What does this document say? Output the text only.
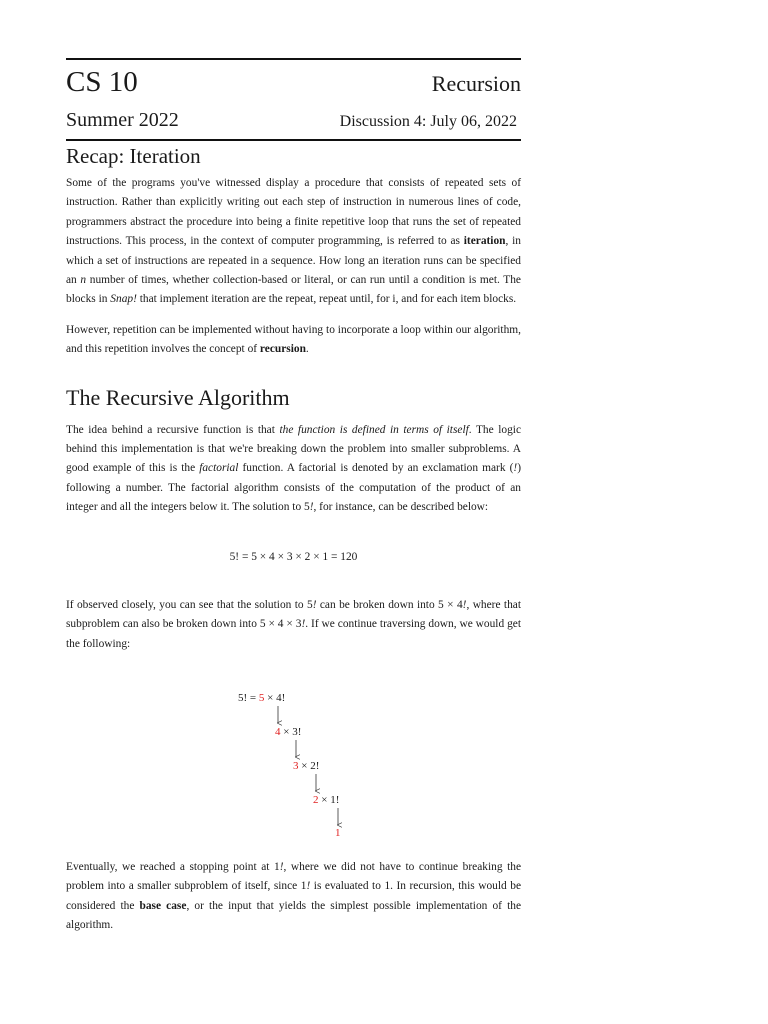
CS 10	Recursion
Summer 2022	Discussion 4: July 06, 2022
Recap: Iteration

Some of the programs you've witnessed display a procedure that consists of repeated sets of instruction. Rather than explicitly writing out each step of instruction in numerous lines of code, programmers abstract the procedure into being a finite repetitive loop that runs the set of repeated instructions. This process, in the context of computer programming, is referred to as iteration, in which a set of instructions are repeated in a sequence. How long an iteration runs can be specified an n number of times, whether collection-based or literal, or can run until a condition is met. The blocks in Snap! that implement iteration are the repeat, repeat until, for i, and for each item blocks.

However, repetition can be implemented without having to incorporate a loop within our algorithm, and this repetition involves the concept of recursion.

The Recursive Algorithm

The idea behind a recursive function is that the function is defined in terms of itself. The logic behind this implementation is that we're breaking down the problem into smaller subproblems. A good example of this is the factorial function. A factorial is denoted by an exclamation mark (!) following a number. The factorial algorithm consists of the computation of the product of an integer and all the integers below it. The solution to 5!, for instance, can be described below:

5! = 5 × 4 × 3 × 2 × 1 = 120

If observed closely, you can see that the solution to 5! can be broken down into 5 × 4!, where that subproblem can also be broken down into 5 × 4 × 3!. If we continue traversing down, we would get the following:

5! = 5 × 4!
4 × 3!
3 × 2!
2 × 1!
1

Eventually, we reached a stopping point at 1!, where we did not have to continue breaking the problem into a smaller subproblem of itself, since 1! is evaluated to 1. In recursion, this would be considered the base case, or the input that yields the simplest possible implementation of the algorithm.
